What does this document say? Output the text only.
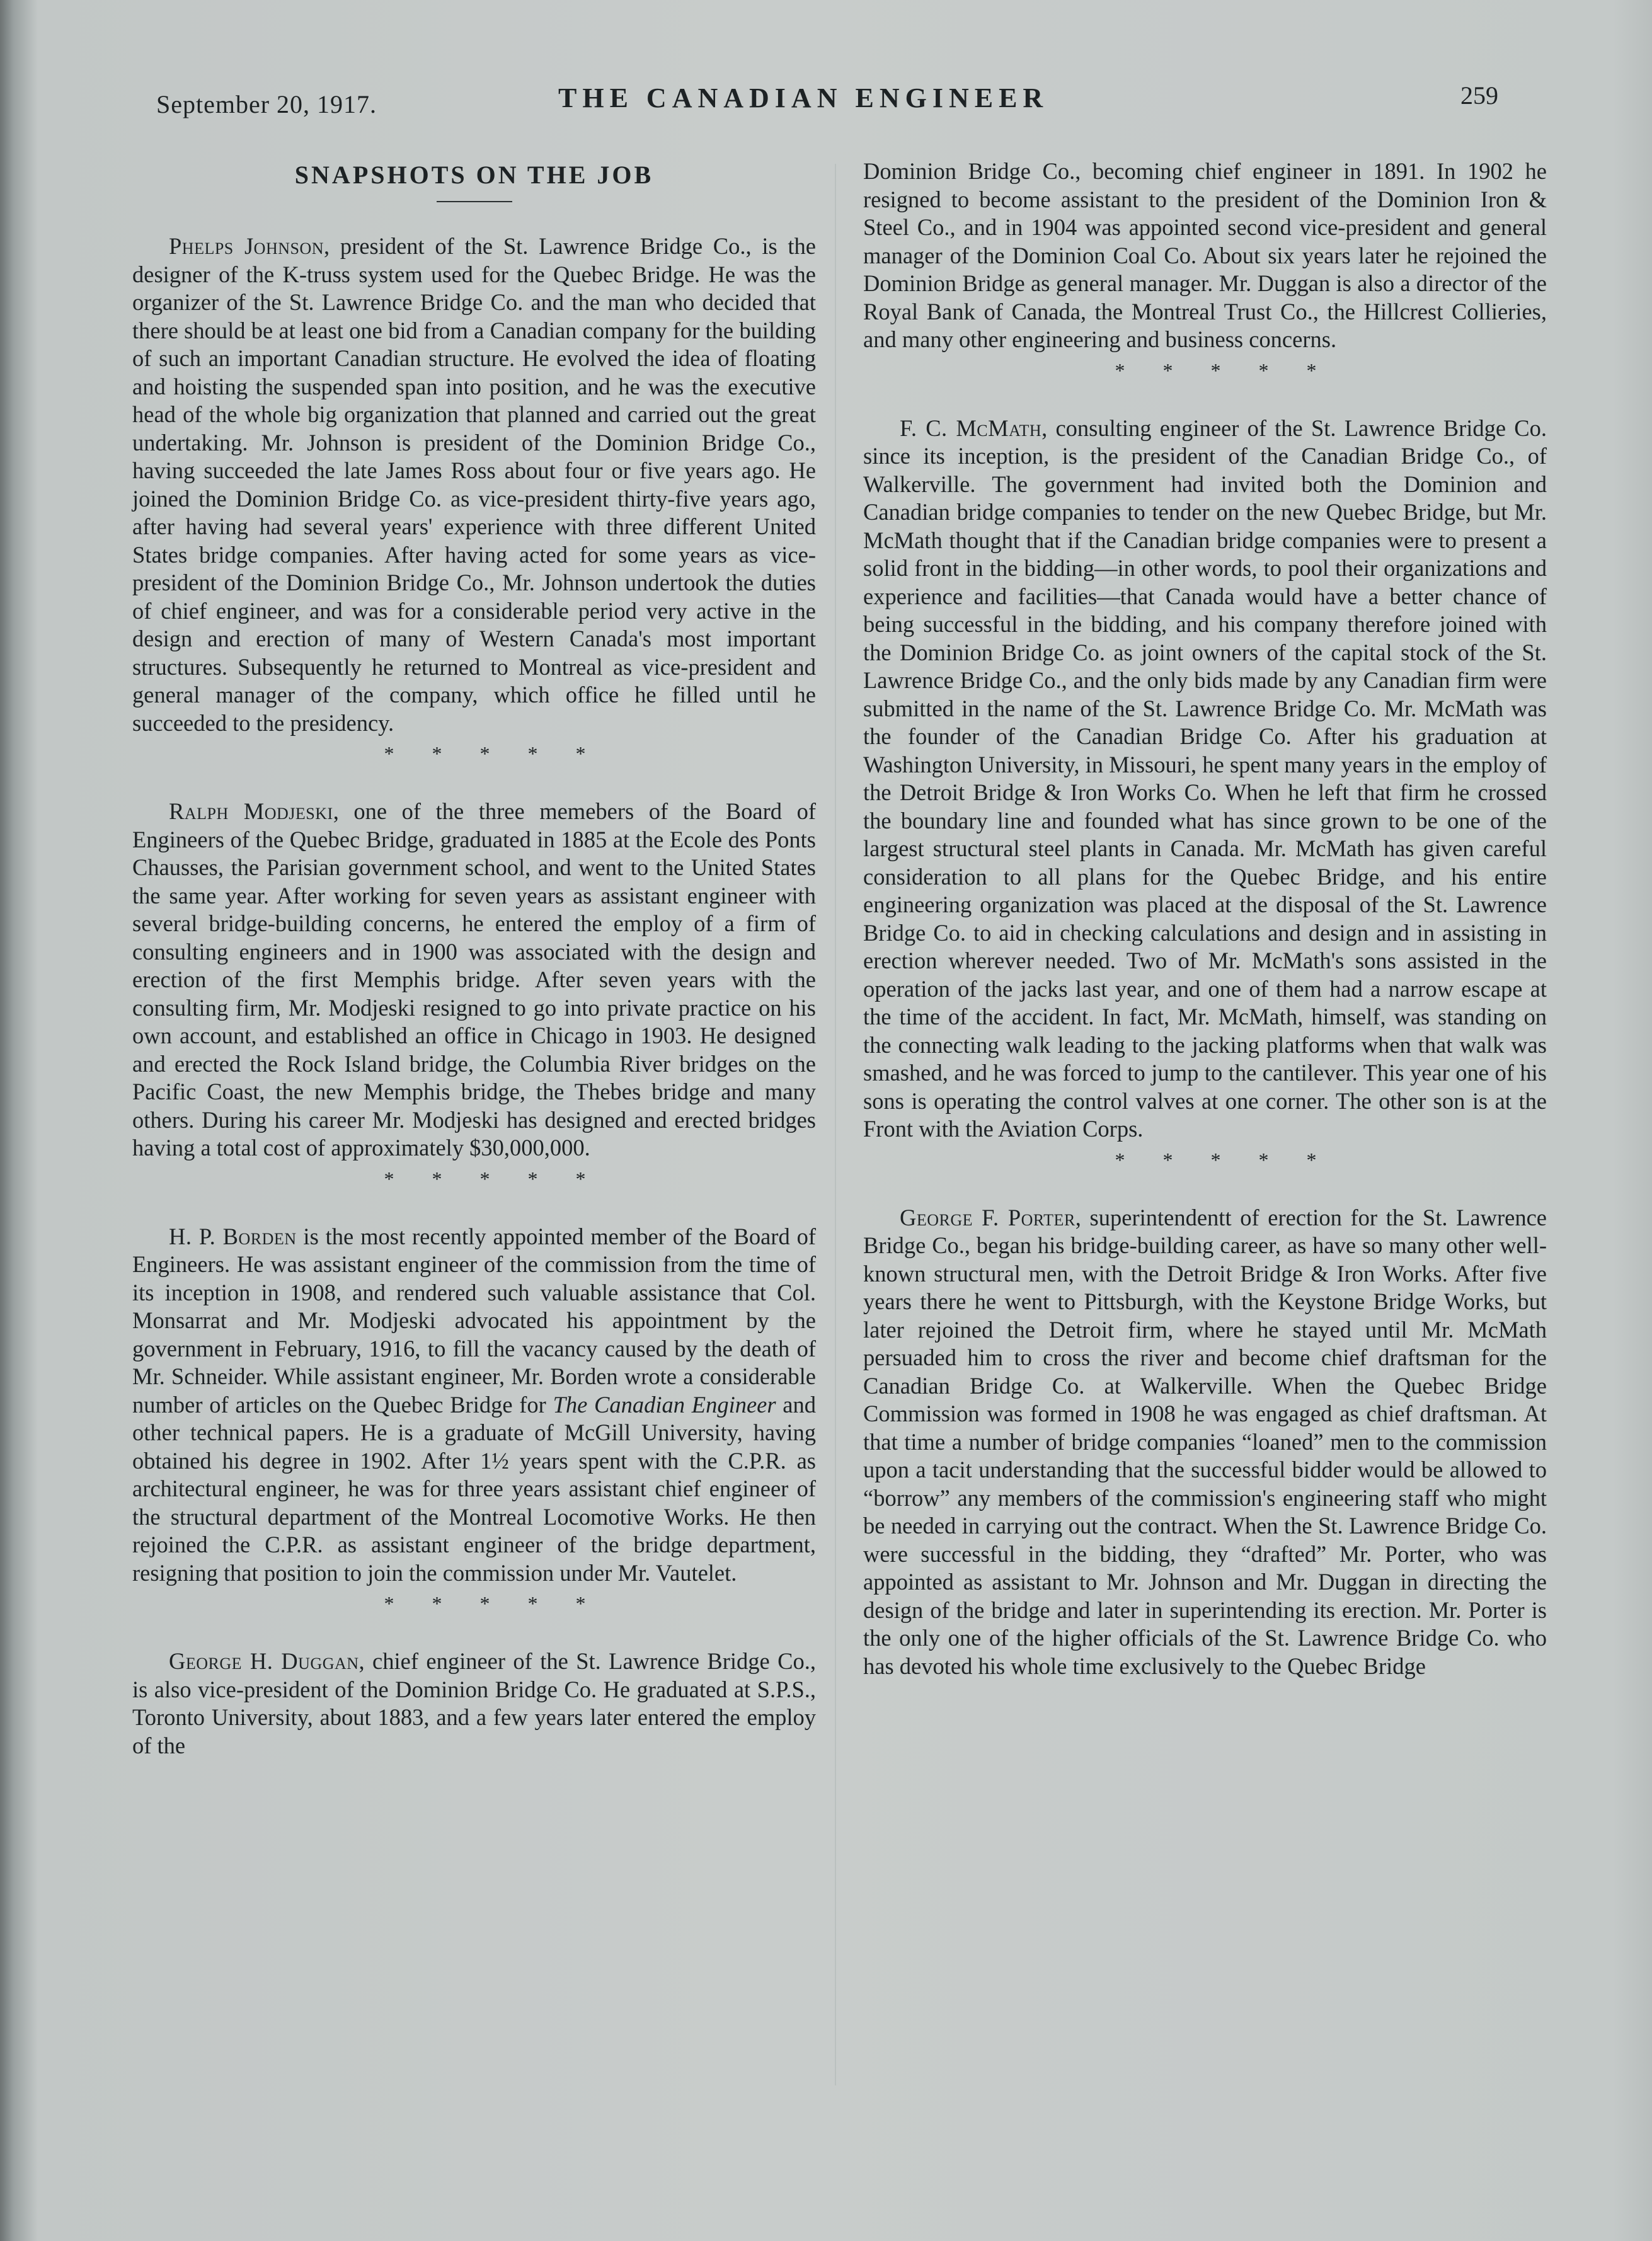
September 20, 1917.	THE CANADIAN ENGINEER	259
SNAPSHOTS ON THE JOB

Phelps Johnson, president of the St. Lawrence Bridge Co., is the designer of the K-truss system used for the Quebec Bridge. He was the organizer of the St. Lawrence Bridge Co. and the man who decided that there should be at least one bid from a Canadian company for the building of such an important Canadian structure. He evolved the idea of floating and hoisting the suspended span into position, and he was the executive head of the whole big organization that planned and carried out the great undertaking. Mr. Johnson is president of the Dominion Bridge Co., having succeeded the late James Ross about four or five years ago. He joined the Dominion Bridge Co. as vice-president thirty-five years ago, after having had several years' experience with three different United States bridge companies. After having acted for some years as vice-president of the Dominion Bridge Co., Mr. Johnson undertook the duties of chief engineer, and was for a considerable period very active in the design and erection of many of Western Canada's most important structures. Subsequently he returned to Montreal as vice-president and general manager of the company, which office he filled until he succeeded to the presidency.

* * * * *

Ralph Modjeski, one of the three memebers of the Board of Engineers of the Quebec Bridge, graduated in 1885 at the Ecole des Ponts Chausses, the Parisian government school, and went to the United States the same year. After working for seven years as assistant engineer with several bridge-building concerns, he entered the employ of a firm of consulting engineers and in 1900 was associated with the design and erection of the first Memphis bridge. After seven years with the consulting firm, Mr. Modjeski resigned to go into private practice on his own account, and established an office in Chicago in 1903. He designed and erected the Rock Island bridge, the Columbia River bridges on the Pacific Coast, the new Memphis bridge, the Thebes bridge and many others. During his career Mr. Modjeski has designed and erected bridges having a total cost of approximately $30,000,000.

* * * * *

H. P. Borden is the most recently appointed member of the Board of Engineers. He was assistant engineer of the commission from the time of its inception in 1908, and rendered such valuable assistance that Col. Monsarrat and Mr. Modjeski advocated his appointment by the government in February, 1916, to fill the vacancy caused by the death of Mr. Schneider. While assistant engineer, Mr. Borden wrote a considerable number of articles on the Quebec Bridge for The Canadian Engineer and other technical papers. He is a graduate of McGill University, having obtained his degree in 1902. After 1½ years spent with the C.P.R. as architectural engineer, he was for three years assistant chief engineer of the structural department of the Montreal Locomotive Works. He then rejoined the C.P.R. as assistant engineer of the bridge department, resigning that position to join the commission under Mr. Vautelet.

* * * * *

George H. Duggan, chief engineer of the St. Lawrence Bridge Co., is also vice-president of the Dominion Bridge Co. He graduated at S.P.S., Toronto University, about 1883, and a few years later entered the employ of the

Dominion Bridge Co., becoming chief engineer in 1891. In 1902 he resigned to become assistant to the president of the Dominion Iron & Steel Co., and in 1904 was appointed second vice-president and general manager of the Dominion Coal Co. About six years later he rejoined the Dominion Bridge as general manager. Mr. Duggan is also a director of the Royal Bank of Canada, the Montreal Trust Co., the Hillcrest Collieries, and many other engineering and business concerns.

* * * * *

F. C. McMath, consulting engineer of the St. Lawrence Bridge Co. since its inception, is the president of the Canadian Bridge Co., of Walkerville. The government had invited both the Dominion and Canadian bridge companies to tender on the new Quebec Bridge, but Mr. McMath thought that if the Canadian bridge companies were to present a solid front in the bidding—in other words, to pool their organizations and experience and facilities—that Canada would have a better chance of being successful in the bidding, and his company therefore joined with the Dominion Bridge Co. as joint owners of the capital stock of the St. Lawrence Bridge Co., and the only bids made by any Canadian firm were submitted in the name of the St. Lawrence Bridge Co. Mr. McMath was the founder of the Canadian Bridge Co. After his graduation at Washington University, in Missouri, he spent many years in the employ of the Detroit Bridge & Iron Works Co. When he left that firm he crossed the boundary line and founded what has since grown to be one of the largest structural steel plants in Canada. Mr. McMath has given careful consideration to all plans for the Quebec Bridge, and his entire engineering organization was placed at the disposal of the St. Lawrence Bridge Co. to aid in checking calculations and design and in assisting in erection wherever needed. Two of Mr. McMath's sons assisted in the operation of the jacks last year, and one of them had a narrow escape at the time of the accident. In fact, Mr. McMath, himself, was standing on the connecting walk leading to the jacking platforms when that walk was smashed, and he was forced to jump to the cantilever. This year one of his sons is operating the control valves at one corner. The other son is at the Front with the Aviation Corps.

* * * * *

George F. Porter, superintendentt of erection for the St. Lawrence Bridge Co., began his bridge-building career, as have so many other well-known structural men, with the Detroit Bridge & Iron Works. After five years there he went to Pittsburgh, with the Keystone Bridge Works, but later rejoined the Detroit firm, where he stayed until Mr. McMath persuaded him to cross the river and become chief draftsman for the Canadian Bridge Co. at Walkerville. When the Quebec Bridge Commission was formed in 1908 he was engaged as chief draftsman. At that time a number of bridge companies “loaned” men to the commission upon a tacit understanding that the successful bidder would be allowed to “borrow” any members of the commission's engineering staff who might be needed in carrying out the contract. When the St. Lawrence Bridge Co. were successful in the bidding, they “drafted” Mr. Porter, who was appointed as assistant to Mr. Johnson and Mr. Duggan in directing the design of the bridge and later in superintending its erection. Mr. Porter is the only one of the higher officials of the St. Lawrence Bridge Co. who has devoted his whole time exclusively to the Quebec Bridge
